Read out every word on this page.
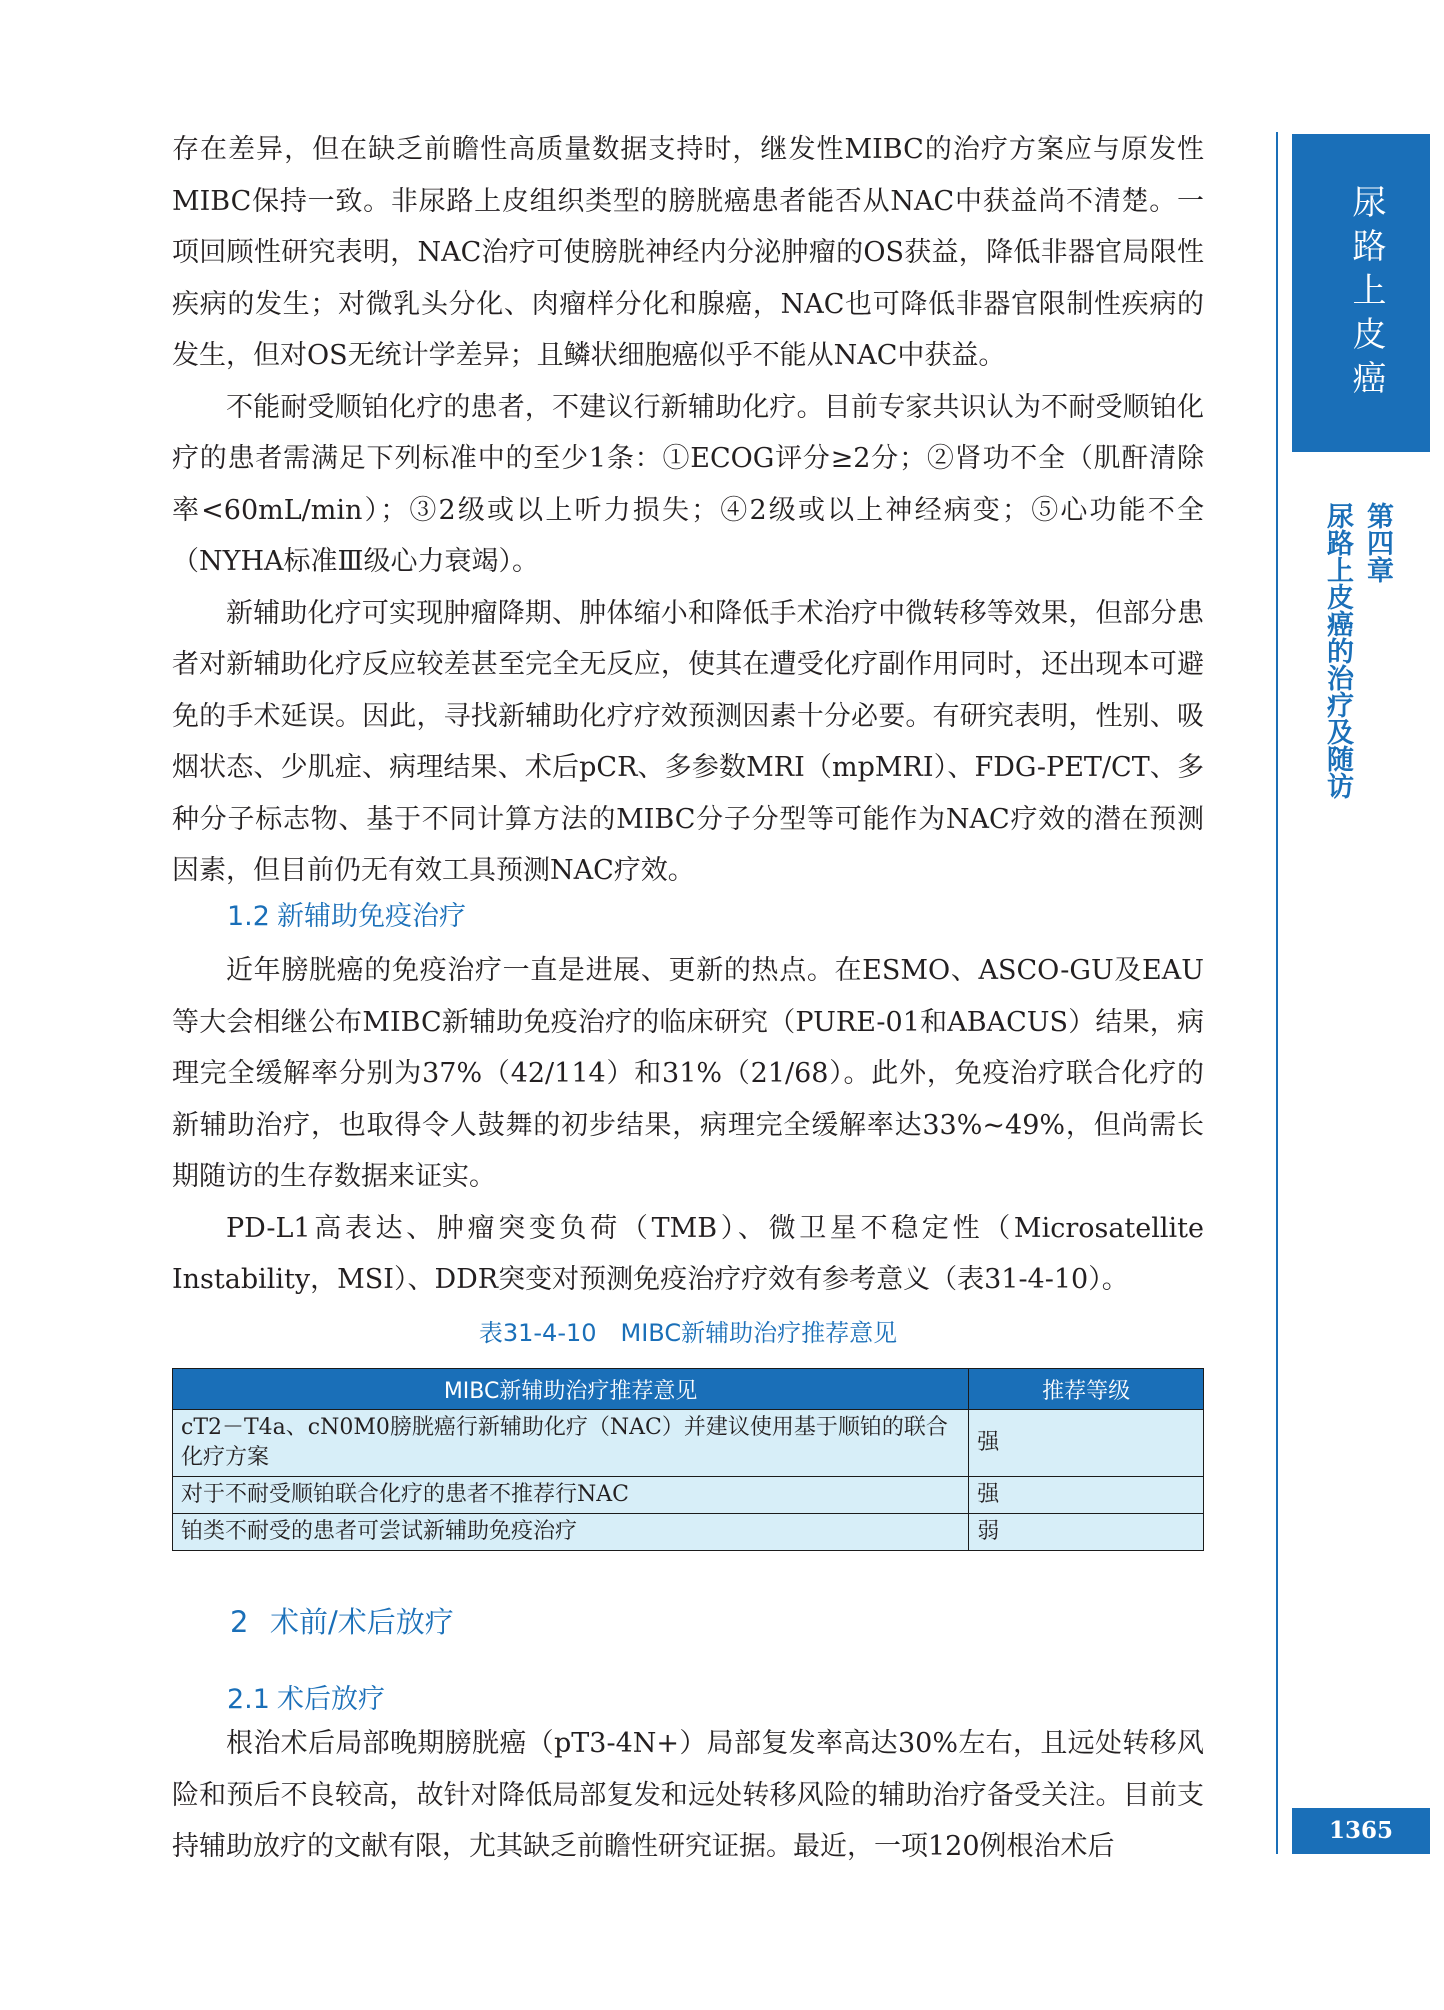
存在差异，但在缺乏前瞻性高质量数据支持时，继发性MIBC的治疗方案应与原发性MIBC保持一致。非尿路上皮组织类型的膀胱癌患者能否从NAC中获益尚不清楚。一项回顾性研究表明，NAC治疗可使膀胱神经内分泌肿瘤的OS获益，降低非器官局限性疾病的发生；对微乳头分化、肉瘤样分化和腺癌，NAC也可降低非器官限制性疾病的发生，但对OS无统计学差异；且鳞状细胞癌似乎不能从NAC中获益。

不能耐受顺铂化疗的患者，不建议行新辅助化疗。目前专家共识认为不耐受顺铂化疗的患者需满足下列标准中的至少1条：①ECOG评分≥2分；②肾功不全（肌酐清除率<60mL/min）；③2级或以上听力损失；④2级或以上神经病变；⑤心功能不全（NYHA标准Ⅲ级心力衰竭）。

新辅助化疗可实现肿瘤降期、肿体缩小和降低手术治疗中微转移等效果，但部分患者对新辅助化疗反应较差甚至完全无反应，使其在遭受化疗副作用同时，还出现本可避免的手术延误。因此，寻找新辅助化疗疗效预测因素十分必要。有研究表明，性别、吸烟状态、少肌症、病理结果、术后pCR、多参数MRI（mpMRI）、FDG-PET/CT、多种分子标志物、基于不同计算方法的MIBC分子分型等可能作为NAC疗效的潜在预测因素，但目前仍无有效工具预测NAC疗效。

1.2 新辅助免疫治疗

近年膀胱癌的免疫治疗一直是进展、更新的热点。在ESMO、ASCO-GU及EAU等大会相继公布MIBC新辅助免疫治疗的临床研究（PURE-01和ABACUS）结果，病理完全缓解率分别为37%（42/114）和31%（21/68）。此外，免疫治疗联合化疗的新辅助治疗，也取得令人鼓舞的初步结果，病理完全缓解率达33%~49%，但尚需长期随访的生存数据来证实。

PD-L1高表达、肿瘤突变负荷（TMB）、微卫星不稳定性（Microsatellite Instability，MSI）、DDR突变对预测免疫治疗疗效有参考意义（表31-4-10）。

表31-4-10　MIBC新辅助治疗推荐意见
MIBC新辅助治疗推荐意见	推荐等级
cT2－T4a、cN0M0膀胱癌行新辅助化疗（NAC）并建议使用基于顺铂的联合化疗方案	强
对于不耐受顺铂联合化疗的患者不推荐行NAC	强
铂类不耐受的患者可尝试新辅助免疫治疗	弱
2 术前/术后放疗
2.1 术后放疗

根治术后局部晚期膀胱癌（pT3-4N+）局部复发率高达30%左右，且远处转移风险和预后不良较高，故针对降低局部复发和远处转移风险的辅助治疗备受关注。目前支持辅助放疗的文献有限，尤其缺乏前瞻性研究证据。最近，一项120例根治术后

尿路上皮癌
第四章
尿路上皮癌的治疗及随访
1365
